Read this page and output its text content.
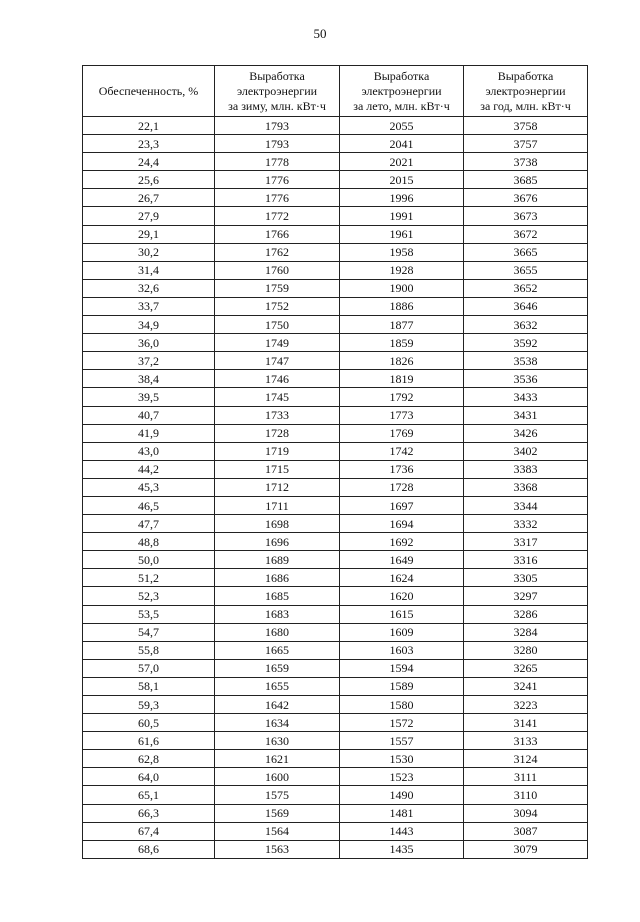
50
Обеспеченность, %	Выработка
электроэнергии
за зиму, млн. кВт·ч	Выработка
электроэнергии
за лето, млн. кВт·ч	Выработка
электроэнергии
за год, млн. кВт·ч
22,1	1793	2055	3758
23,3	1793	2041	3757
24,4	1778	2021	3738
25,6	1776	2015	3685
26,7	1776	1996	3676
27,9	1772	1991	3673
29,1	1766	1961	3672
30,2	1762	1958	3665
31,4	1760	1928	3655
32,6	1759	1900	3652
33,7	1752	1886	3646
34,9	1750	1877	3632
36,0	1749	1859	3592
37,2	1747	1826	3538
38,4	1746	1819	3536
39,5	1745	1792	3433
40,7	1733	1773	3431
41,9	1728	1769	3426
43,0	1719	1742	3402
44,2	1715	1736	3383
45,3	1712	1728	3368
46,5	1711	1697	3344
47,7	1698	1694	3332
48,8	1696	1692	3317
50,0	1689	1649	3316
51,2	1686	1624	3305
52,3	1685	1620	3297
53,5	1683	1615	3286
54,7	1680	1609	3284
55,8	1665	1603	3280
57,0	1659	1594	3265
58,1	1655	1589	3241
59,3	1642	1580	3223
60,5	1634	1572	3141
61,6	1630	1557	3133
62,8	1621	1530	3124
64,0	1600	1523	3111
65,1	1575	1490	3110
66,3	1569	1481	3094
67,4	1564	1443	3087
68,6	1563	1435	3079
